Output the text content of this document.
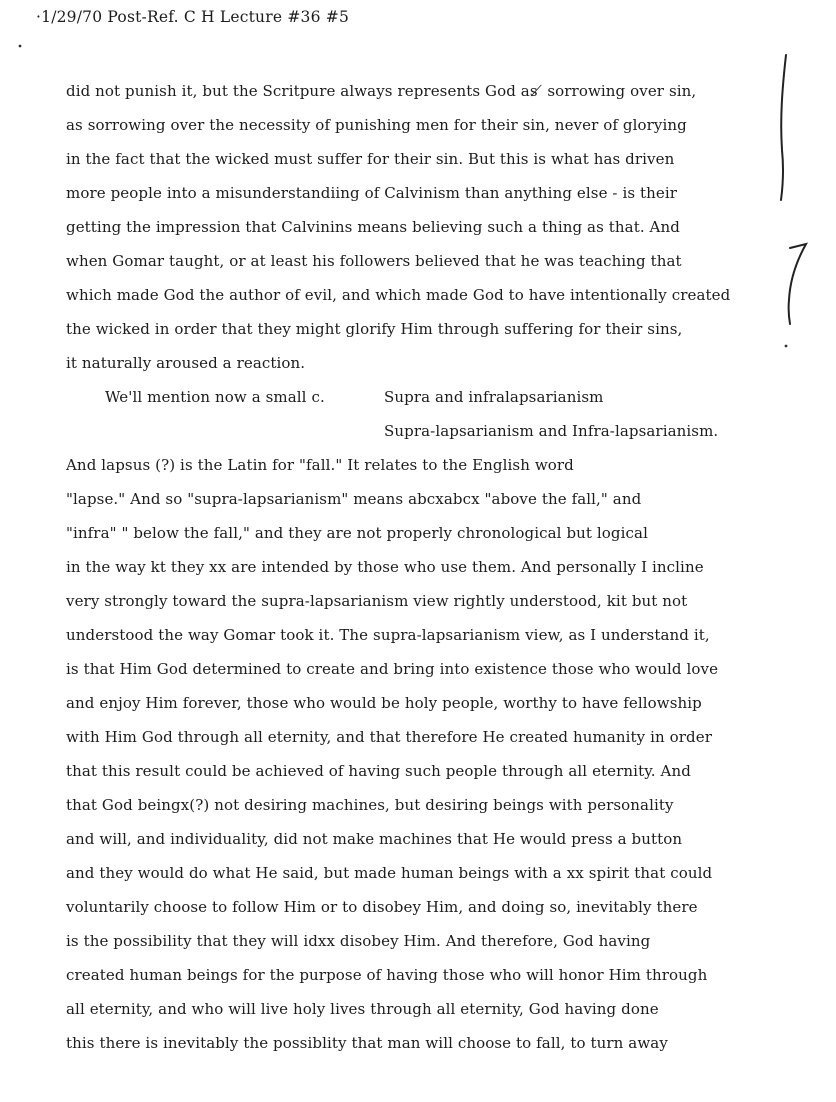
·1/29/70 Post-Ref. C H Lecture #36 #5
did not punish it, but the Scritpure always represents God as ̸ sorrowing over sin,
as sorrowing over the necessity of punishing men for their sin, never of glorying
in the fact that the wicked must suffer for their sin. But this is what has driven
more people into a misunderstandiing of Calvinism than anything else - is their
getting the impression that Calvinins means believing such a thing as that. And
when Gomar taught, or at least his followers believed that he was teaching that
which made God the author of evil, and which made God to have intentionally created
the wicked in order that they might glorify Him through suffering for their sins,
it naturally aroused a reaction.
We'll mention now a small c.	Supra and infralapsarianism
Supra-lapsarianism and Infra-lapsarianism.
And lapsus (?) is the Latin for "fall." It relates to the English word
"lapse." And so "supra-lapsarianism" means abcxabcx "above the fall," and
"infra" " below the fall," and they are not properly chronological but logical
in the way kt they xx are intended by those who use them. And personally I incline
very strongly toward the supra-lapsarianism view rightly understood, kit but not
understood the way Gomar took it. The supra-lapsarianism view, as I understand it,
is that Him God determined to create and bring into existence those who would love
and enjoy Him forever, those who would be holy people, worthy to have fellowship
with Him God through all eternity, and that therefore He created humanity in order
that this result could be achieved of having such people through all eternity. And
that God beingx(?) not desiring machines, but desiring beings with personality
and will, and individuality, did not make machines that He would press a button
and they would do what He said, but made human beings with a xx spirit that could
voluntarily choose to follow Him or to disobey Him, and doing so, inevitably there
is the possibility that they will idxx disobey Him. And therefore, God having
created human beings for the purpose of having those who will honor Him through
all eternity, and who will live holy lives through all eternity, God having done
this there is inevitably the possiblity that man will choose to fall, to turn away
